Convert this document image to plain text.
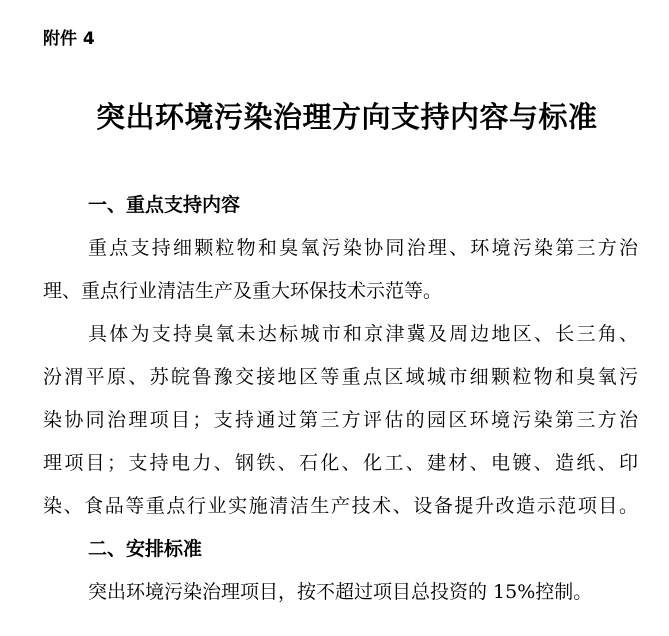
附件 4
突出环境污染治理方向支持内容与标准
一、重点支持内容
重点支持细颗粒物和臭氧污染协同治理、环境污染第三方治
理、重点行业清洁生产及重大环保技术示范等。
具体为支持臭氧未达标城市和京津冀及周边地区、长三角、
汾渭平原、苏皖鲁豫交接地区等重点区域城市细颗粒物和臭氧污
染协同治理项目；支持通过第三方评估的园区环境污染第三方治
理项目；支持电力、钢铁、石化、化工、建材、电镀、造纸、印
染、食品等重点行业实施清洁生产技术、设备提升改造示范项目。
二、安排标准
突出环境污染治理项目，按不超过项目总投资的 15%控制。
